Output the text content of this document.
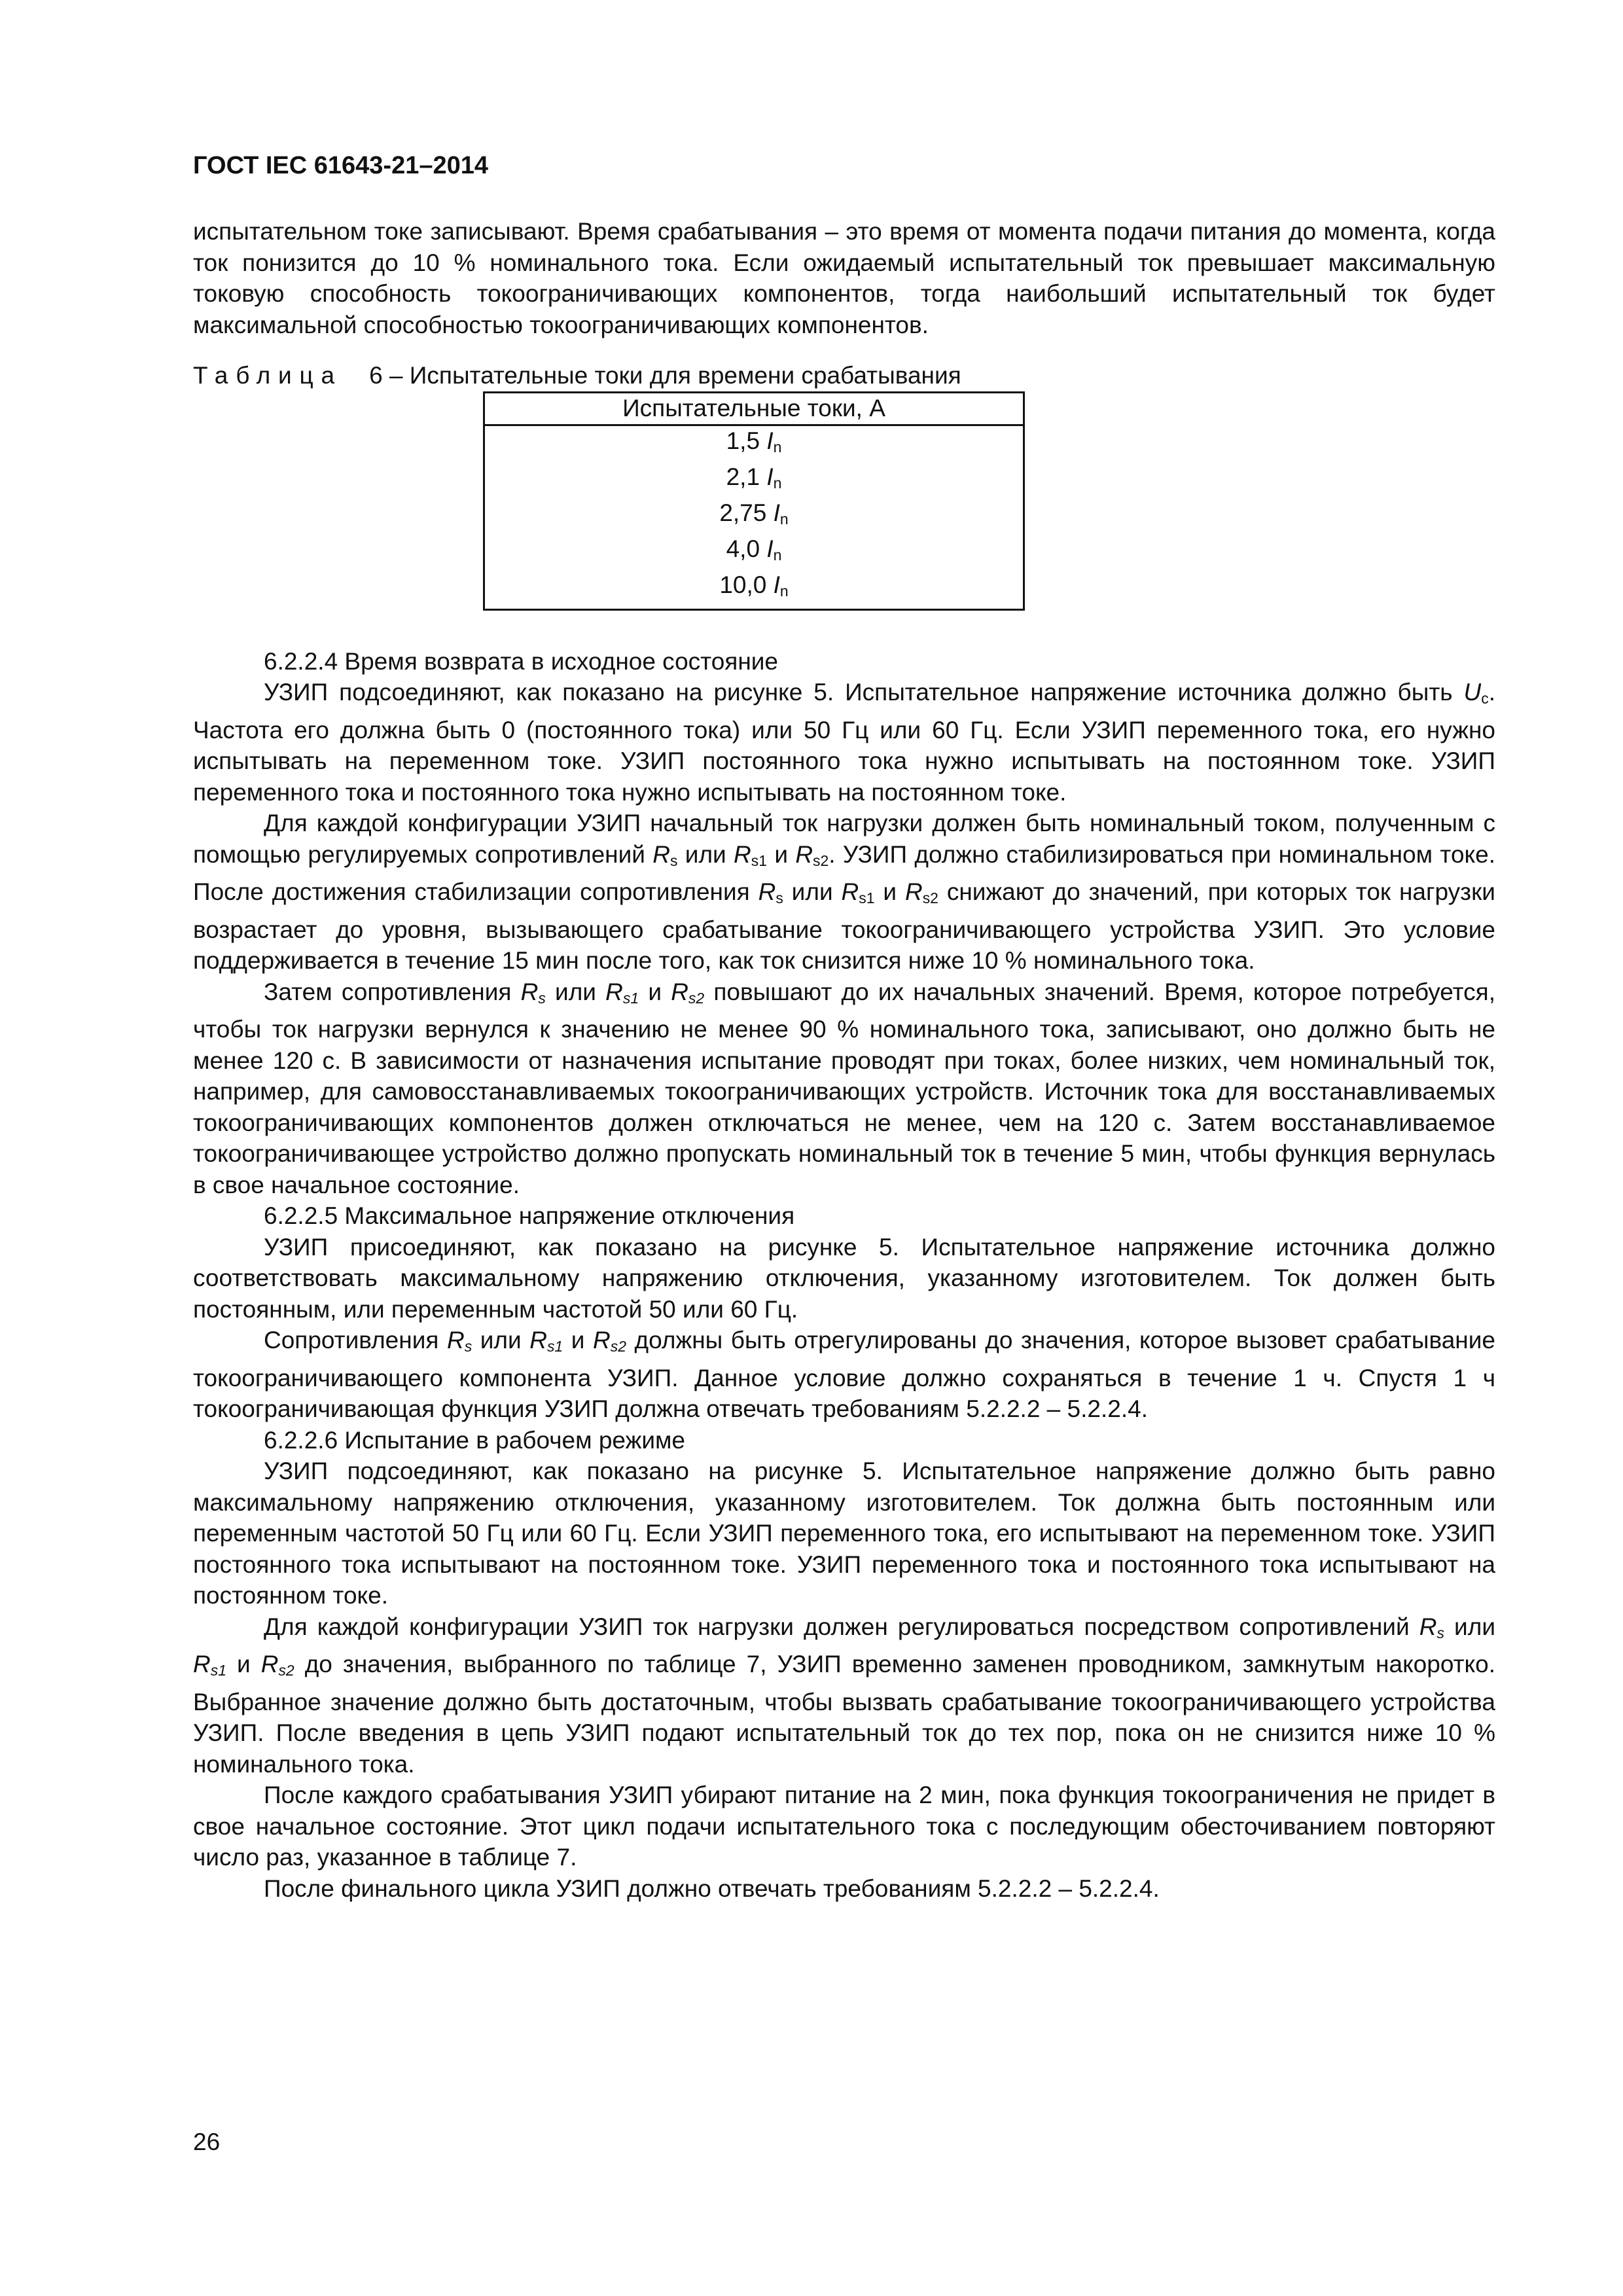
ГОСТ IEC 61643-21–2014

испытательном токе записывают. Время срабатывания – это время от момента подачи питания до момента, когда ток понизится до 10 % номинального тока. Если ожидаемый испытательный ток превышает максимальную токовую способность токоограничивающих компонентов, тогда наибольший испытательный ток будет максимальной способностью токоограничивающих компонентов.

Таблица 6 – Испытательные токи для времени срабатывания

Испытательные токи, А
1,5 $I_n$
2,1 $I_n$
2,75 $I_n$
4,0 $I_n$
10,0 $I_n$

6.2.2.4 Время возврата в исходное состояние

УЗИП подсоединяют, как показано на рисунке 5. Испытательное напряжение источника должно быть $U_c$. Частота его должна быть 0 (постоянного тока) или 50 Гц или 60 Гц. Если УЗИП переменного тока, его нужно испытывать на переменном токе. УЗИП постоянного тока нужно испытывать на постоянном токе. УЗИП переменного тока и постоянного тока нужно испытывать на постоянном токе.

Для каждой конфигурации УЗИП начальный ток нагрузки должен быть номинальный током, полученным с помощью регулируемых сопротивлений $R_s$ или $R_{s1}$ и $R_{s2}$. УЗИП должно стабилизироваться при номинальном токе. После достижения стабилизации сопротивления $R_s$ или $R_{s1}$ и $R_{s2}$ снижают до значений, при которых ток нагрузки возрастает до уровня, вызывающего срабатывание токоограничивающего устройства УЗИП. Это условие поддерживается в течение 15 мин после того, как ток снизится ниже 10 % номинального тока.

Затем сопротивления $R_s$ или $R_{s1}$ и $R_{s2}$ повышают до их начальных значений. Время, которое потребуется, чтобы ток нагрузки вернулся к значению не менее 90 % номинального тока, записывают, оно должно быть не менее 120 с. В зависимости от назначения испытание проводят при токах, более низких, чем номинальный ток, например, для самовосстанавливаемых токоограничивающих устройств. Источник тока для восстанавливаемых токоограничивающих компонентов должен отключаться не менее, чем на 120 с. Затем восстанавливаемое токоограничивающее устройство должно пропускать номинальный ток в течение 5 мин, чтобы функция вернулась в свое начальное состояние.

6.2.2.5 Максимальное напряжение отключения

УЗИП присоединяют, как показано на рисунке 5. Испытательное напряжение источника должно соответствовать максимальному напряжению отключения, указанному изготовителем. Ток должен быть постоянным, или переменным частотой 50 или 60 Гц.

Сопротивления $R_s$ или $R_{s1}$ и $R_{s2}$ должны быть отрегулированы до значения, которое вызовет срабатывание токоограничивающего компонента УЗИП. Данное условие должно сохраняться в течение 1 ч. Спустя 1 ч токоограничивающая функция УЗИП должна отвечать требованиям 5.2.2.2 – 5.2.2.4.

6.2.2.6 Испытание в рабочем режиме

УЗИП подсоединяют, как показано на рисунке 5. Испытательное напряжение должно быть равно максимальному напряжению отключения, указанному изготовителем. Ток должна быть постоянным или переменным частотой 50 Гц или 60 Гц. Если УЗИП переменного тока, его испытывают на переменном токе. УЗИП постоянного тока испытывают на постоянном токе. УЗИП переменного тока и постоянного тока испытывают на постоянном токе.

Для каждой конфигурации УЗИП ток нагрузки должен регулироваться посредством сопротивлений $R_s$ или $R_{s1}$ и $R_{s2}$ до значения, выбранного по таблице 7, УЗИП временно заменен проводником, замкнутым накоротко. Выбранное значение должно быть достаточным, чтобы вызвать срабатывание токоограничивающего устройства УЗИП. После введения в цепь УЗИП подают испытательный ток до тех пор, пока он не снизится ниже 10 % номинального тока.

После каждого срабатывания УЗИП убирают питание на 2 мин, пока функция токоограничения не придет в свое начальное состояние. Этот цикл подачи испытательного тока с последующим обесточиванием повторяют число раз, указанное в таблице 7.

После финального цикла УЗИП должно отвечать требованиям 5.2.2.2 – 5.2.2.4.

26
